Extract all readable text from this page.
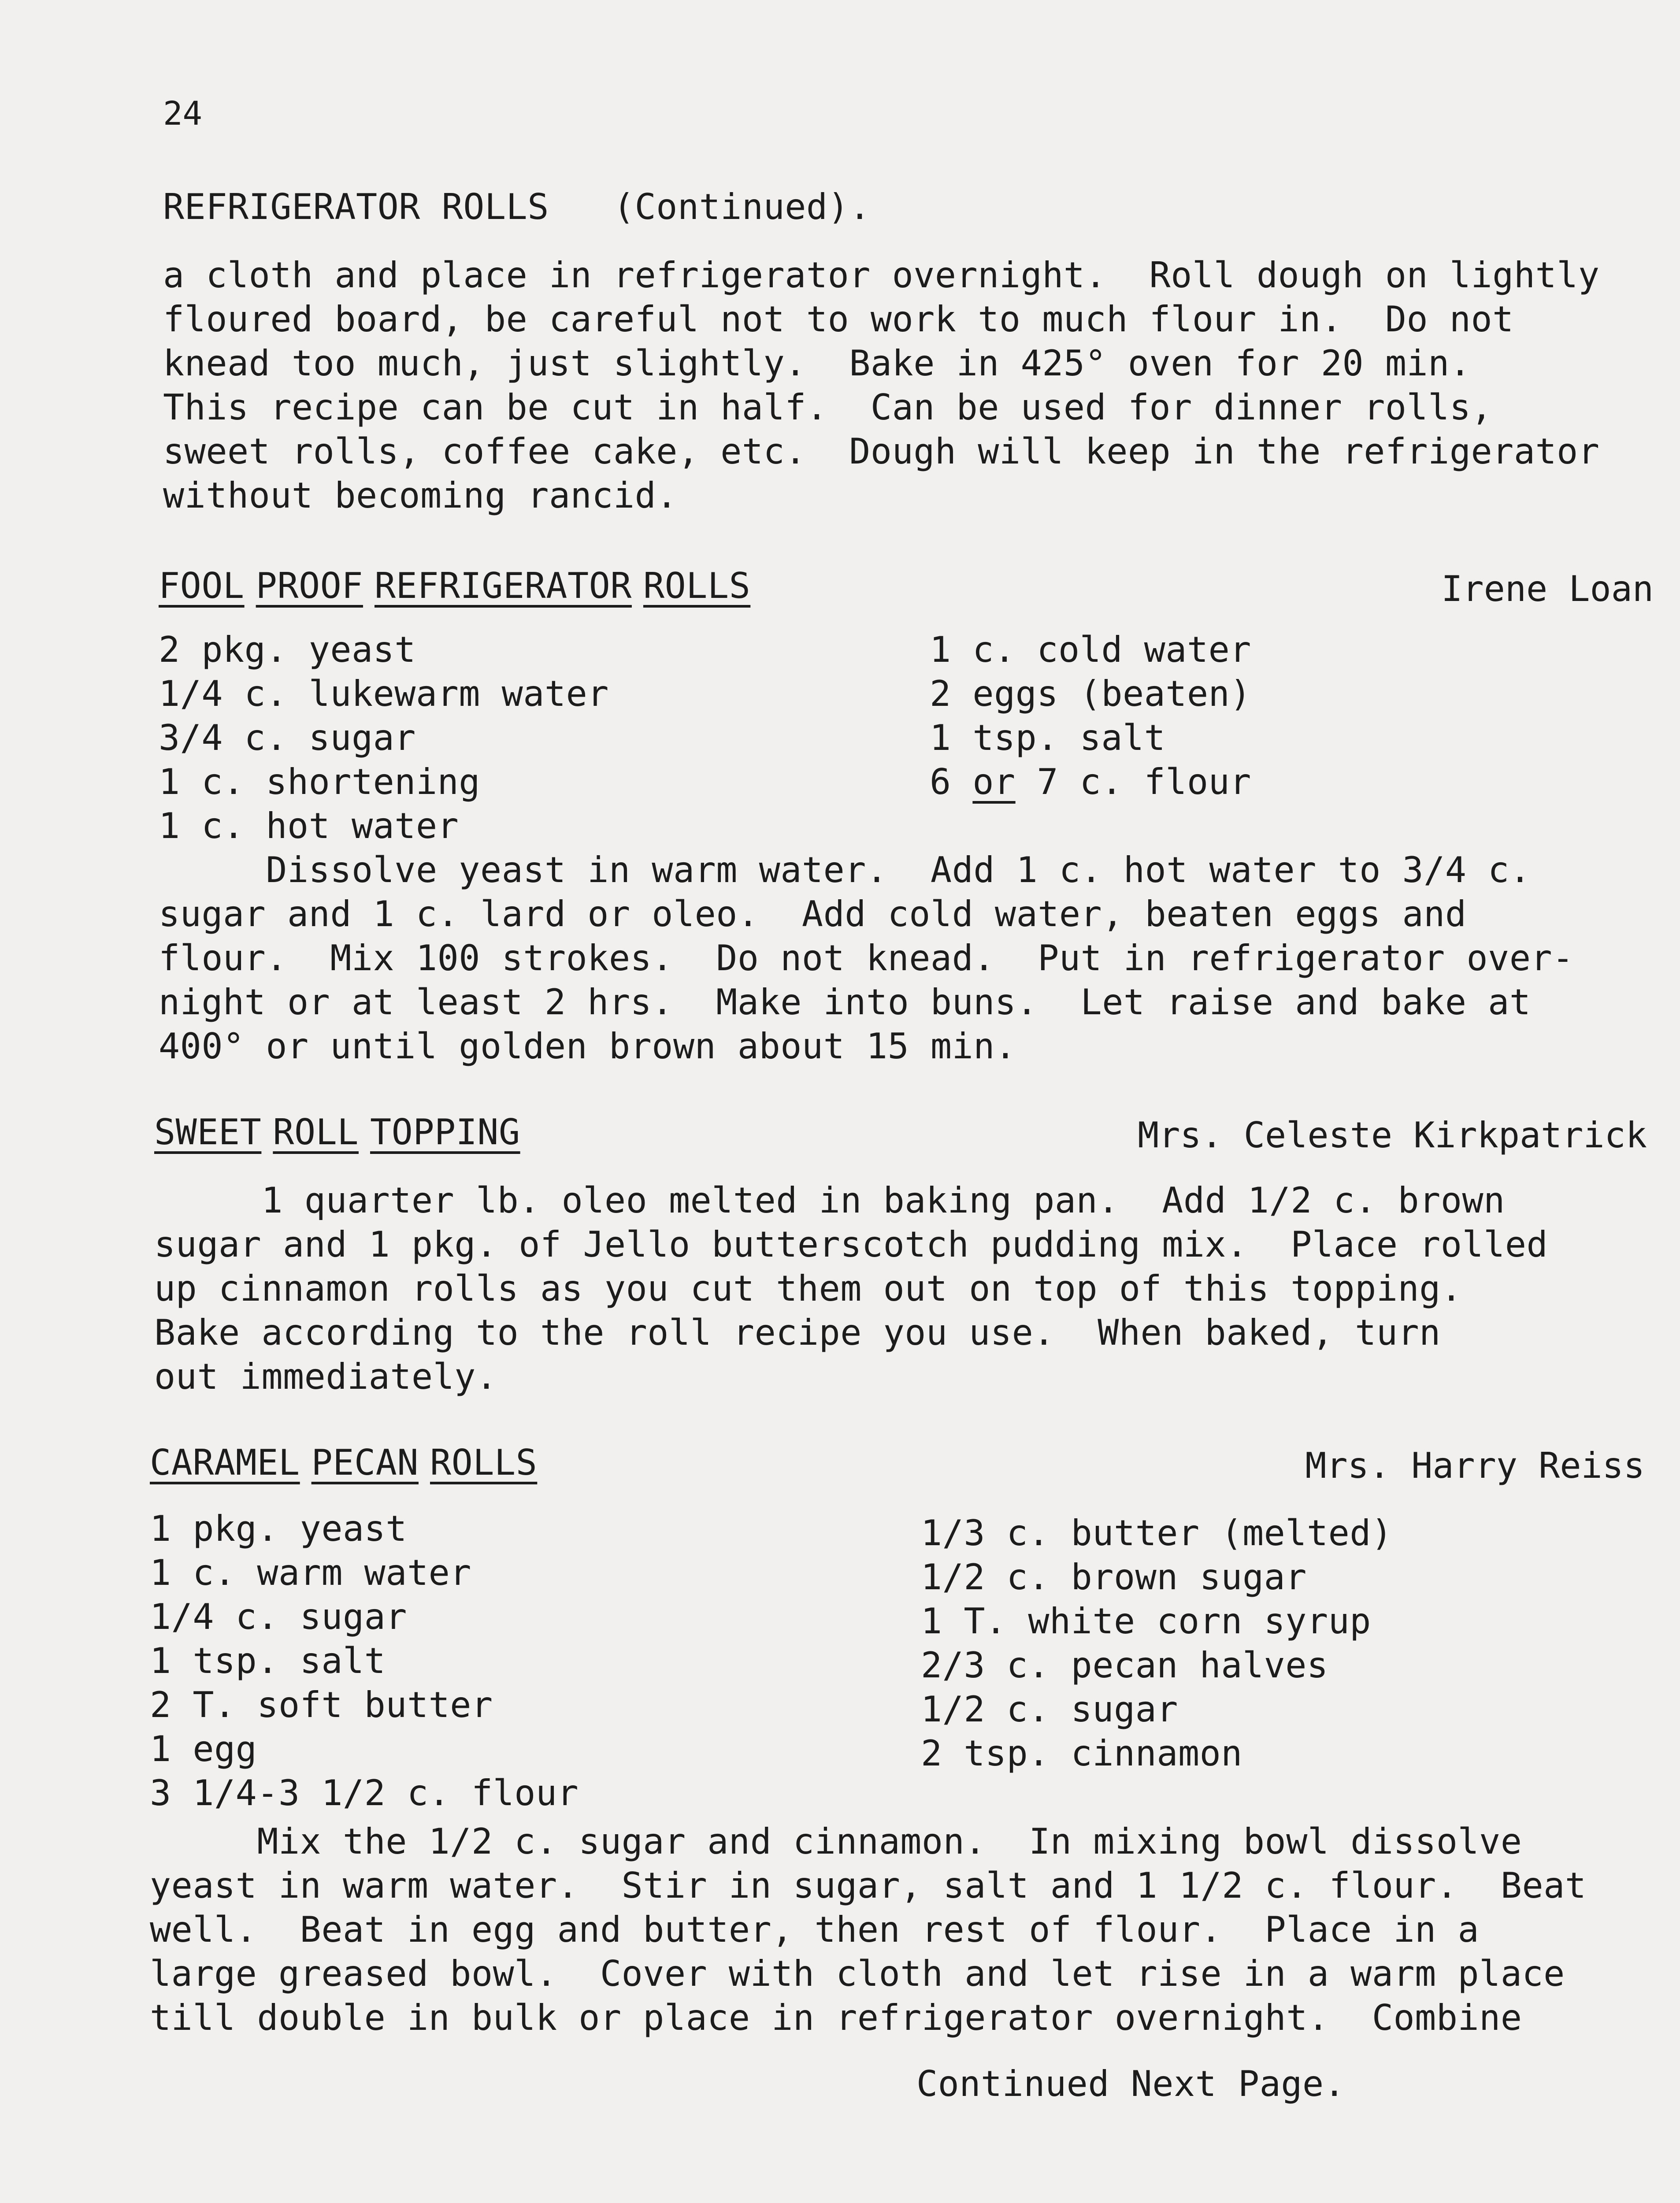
24
REFRIGERATOR ROLLS   (Continued).
a cloth and place in refrigerator overnight.  Roll dough on lightly
floured board, be careful not to work to much flour in.  Do not
knead too much, just slightly.  Bake in 425° oven for 20 min.
This recipe can be cut in half.  Can be used for dinner rolls,
sweet rolls, coffee cake, etc.  Dough will keep in the refrigerator
without becoming rancid.
FOOL PROOF REFRIGERATOR ROLLS	Irene Loan
2 pkg. yeast
1/4 c. lukewarm water
3/4 c. sugar
1 c. shortening
1 c. hot water
1 c. cold water
2 eggs (beaten)
1 tsp. salt
6 or 7 c. flour
Dissolve yeast in warm water.  Add 1 c. hot water to 3/4 c.
sugar and 1 c. lard or oleo.  Add cold water, beaten eggs and
flour.  Mix 100 strokes.  Do not knead.  Put in refrigerator over-
night or at least 2 hrs.  Make into buns.  Let raise and bake at
400° or until golden brown about 15 min.
SWEET ROLL TOPPING	Mrs. Celeste Kirkpatrick
1 quarter lb. oleo melted in baking pan.  Add 1/2 c. brown
sugar and 1 pkg. of Jello butterscotch pudding mix.  Place rolled
up cinnamon rolls as you cut them out on top of this topping.
Bake according to the roll recipe you use.  When baked, turn
out immediately.
CARAMEL PECAN ROLLS	Mrs. Harry Reiss
1 pkg. yeast
1 c. warm water
1/4 c. sugar
1 tsp. salt
2 T. soft butter
1 egg
3 1/4-3 1/2 c. flour
1/3 c. butter (melted)
1/2 c. brown sugar
1 T. white corn syrup
2/3 c. pecan halves
1/2 c. sugar
2 tsp. cinnamon
Mix the 1/2 c. sugar and cinnamon.  In mixing bowl dissolve
yeast in warm water.  Stir in sugar, salt and 1 1/2 c. flour.  Beat
well.  Beat in egg and butter, then rest of flour.  Place in a
large greased bowl.  Cover with cloth and let rise in a warm place
till double in bulk or place in refrigerator overnight.  Combine
Continued Next Page.
